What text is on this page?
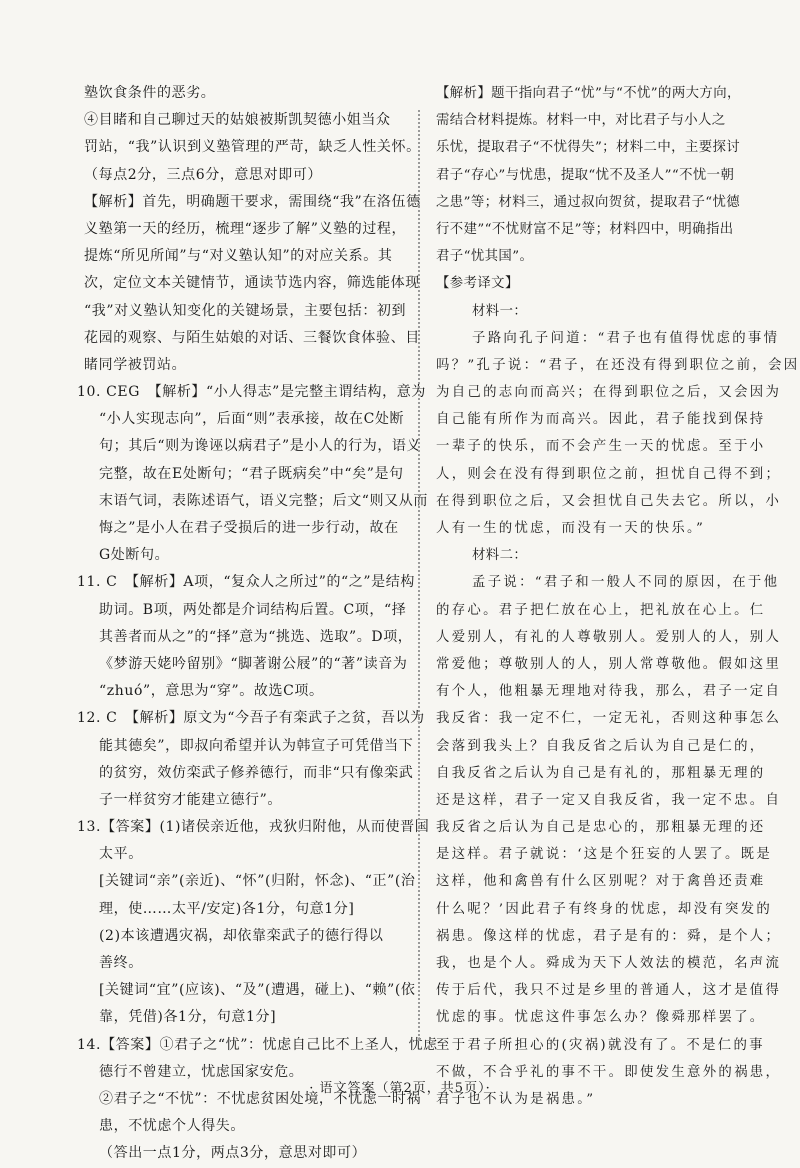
塾饮食条件的恶劣。
④目睹和自己聊过天的姑娘被斯凯契德小姐当众
罚站，“我”认识到义塾管理的严苛，缺乏人性关怀。
（每点2分，三点6分，意思对即可）
【解析】首先，明确题干要求，需围绕“我”在洛伍德
义塾第一天的经历，梳理“逐步了解”义塾的过程，
提炼“所见所闻”与“对义塾认知”的对应关系。其
次，定位文本关键情节，通读节选内容，筛选能体现
“我”对义塾认知变化的关键场景，主要包括：初到
花园的观察、与陌生姑娘的对话、三餐饮食体验、目
睹同学被罚站。
10. CEG　【解析】“小人得志”是完整主谓结构，意为
“小人实现志向”，后面“则”表承接，故在C处断
句；其后“则为谗诬以病君子”是小人的行为，语义
完整，故在E处断句；“君子既病矣”中“矣”是句
末语气词，表陈述语气，语义完整；后文“则又从而
悔之”是小人在君子受损后的进一步行动，故在
G处断句。
11. C　【解析】A项，“复众人之所过”的“之”是结构
助词。B项，两处都是介词结构后置。C项，“择
其善者而从之”的“择”意为“挑选、选取”。D项，
《梦游天姥吟留别》“脚著谢公屐”的“著”读音为
“zhuó”，意思为“穿”。故选C项。
12. C　【解析】原文为“今吾子有栾武子之贫，吾以为
能其德矣”，即叔向希望并认为韩宣子可凭借当下
的贫穷，效仿栾武子修养德行，而非“只有像栾武
子一样贫穷才能建立德行”。
13.【答案】(1)诸侯亲近他，戎狄归附他，从而使晋国
太平。
[关键词“亲”(亲近)、“怀”(归附，怀念)、“正”(治
理，使……太平/安定)各1分，句意1分]
(2)本该遭遇灾祸，却依靠栾武子的德行得以
善终。
[关键词“宜”(应该)、“及”(遭遇，碰上)、“赖”(依
靠，凭借)各1分，句意1分]
14.【答案】①君子之“忧”：忧虑自己比不上圣人，忧虑
德行不曾建立，忧虑国家安危。
②君子之“不忧”：不忧虑贫困处境，不忧虑一时祸
患，不忧虑个人得失。
（答出一点1分，两点3分，意思对即可）
【解析】题干指向君子“忧”与“不忧”的两大方向，
需结合材料提炼。材料一中，对比君子与小人之
乐忧，提取君子“不忧得失”；材料二中，主要探讨
君子“存心”与忧患，提取“忧不及圣人”“不忧一朝
之患”等；材料三，通过叔向贺贫，提取君子“忧德
行不建”“不忧财富不足”等；材料四中，明确指出
君子“忧其国”。
【参考译文】
材料一：
子路向孔子问道：“君子也有值得忧虑的事情
吗？”孔子说：“君子，在还没有得到职位之前，会因
为自己的志向而高兴；在得到职位之后，又会因为
自己能有所作为而高兴。因此，君子能找到保持
一辈子的快乐，而不会产生一天的忧虑。至于小
人，则会在没有得到职位之前，担忧自己得不到；
在得到职位之后，又会担忧自己失去它。所以，小
人有一生的忧虑，而没有一天的快乐。”
材料二：
孟子说：“君子和一般人不同的原因，在于他
的存心。君子把仁放在心上，把礼放在心上。仁
人爱别人，有礼的人尊敬别人。爱别人的人，别人
常爱他；尊敬别人的人，别人常尊敬他。假如这里
有个人，他粗暴无理地对待我，那么，君子一定自
我反省：我一定不仁，一定无礼，否则这种事怎么
会落到我头上？自我反省之后认为自己是仁的，
自我反省之后认为自己是有礼的，那粗暴无理的
还是这样，君子一定又自我反省，我一定不忠。自
我反省之后认为自己是忠心的，那粗暴无理的还
是这样。君子就说：‘这是个狂妄的人罢了。既是
这样，他和禽兽有什么区别呢？对于禽兽还责难
什么呢？’因此君子有终身的忧虑，却没有突发的
祸患。像这样的忧虑，君子是有的：舜，是个人；
我，也是个人。舜成为天下人效法的模范，名声流
传于后代，我只不过是乡里的普通人，这才是值得
忧虑的事。忧虑这件事怎么办？像舜那样罢了。
至于君子所担心的(灾祸)就没有了。不是仁的事
不做，不合乎礼的事不干。即使发生意外的祸患，
君子也不认为是祸患。”
· 语文答案（第2页，共5页）·
